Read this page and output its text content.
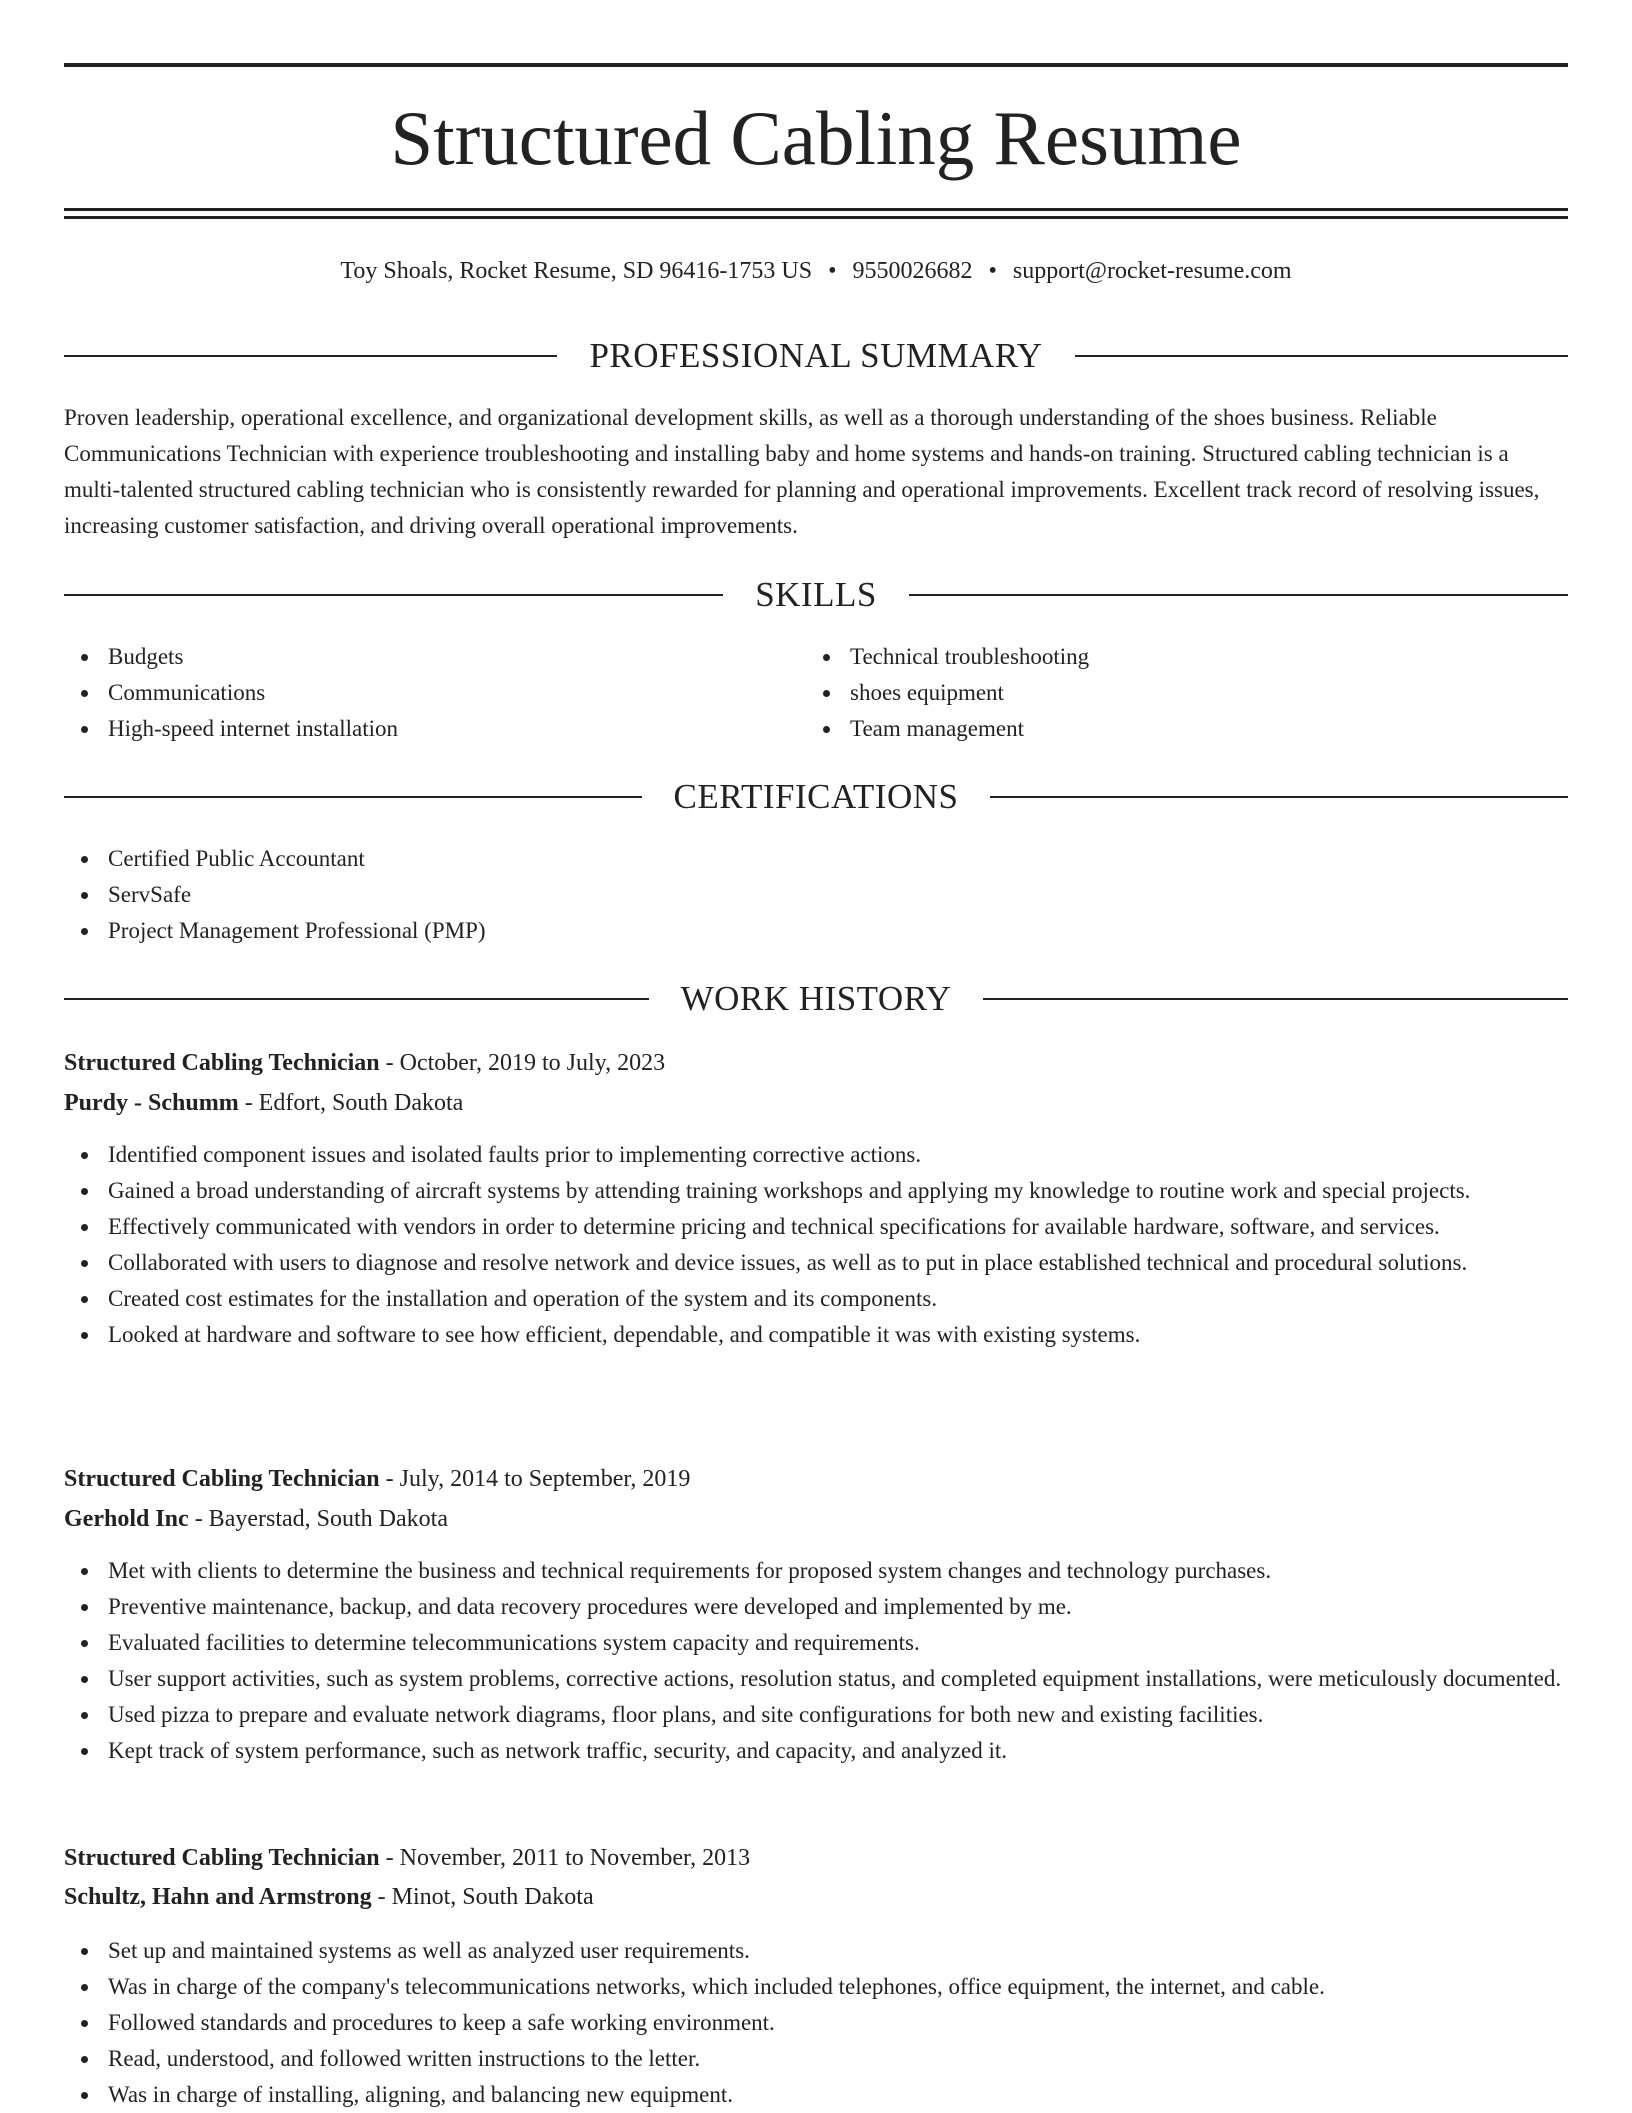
Structured Cabling Resume
Toy Shoals, Rocket Resume, SD 96416-1753 US • 9550026682 • support@rocket-resume.com
PROFESSIONAL SUMMARY

Proven leadership, operational excellence, and organizational development skills, as well as a thorough understanding of the shoes business. Reliable Communications Technician with experience troubleshooting and installing baby and home systems and hands-on training. Structured cabling technician is a multi-talented structured cabling technician who is consistently rewarded for planning and operational improvements. Excellent track record of resolving issues, increasing customer satisfaction, and driving overall operational improvements.

SKILLS
Budgets
Communications
High-speed internet installation
Technical troubleshooting
shoes equipment
Team management
CERTIFICATIONS
Certified Public Accountant
ServSafe
Project Management Professional (PMP)
WORK HISTORY
Structured Cabling Technician - October, 2019 to July, 2023
Purdy - Schumm - Edfort, South Dakota
Identified component issues and isolated faults prior to implementing corrective actions.
Gained a broad understanding of aircraft systems by attending training workshops and applying my knowledge to routine work and special projects.
Effectively communicated with vendors in order to determine pricing and technical specifications for available hardware, software, and services.
Collaborated with users to diagnose and resolve network and device issues, as well as to put in place established technical and procedural solutions.
Created cost estimates for the installation and operation of the system and its components.
Looked at hardware and software to see how efficient, dependable, and compatible it was with existing systems.
Structured Cabling Technician - July, 2014 to September, 2019
Gerhold Inc - Bayerstad, South Dakota
Met with clients to determine the business and technical requirements for proposed system changes and technology purchases.
Preventive maintenance, backup, and data recovery procedures were developed and implemented by me.
Evaluated facilities to determine telecommunications system capacity and requirements.
User support activities, such as system problems, corrective actions, resolution status, and completed equipment installations, were meticulously documented.
Used pizza to prepare and evaluate network diagrams, floor plans, and site configurations for both new and existing facilities.
Kept track of system performance, such as network traffic, security, and capacity, and analyzed it.
Structured Cabling Technician - November, 2011 to November, 2013
Schultz, Hahn and Armstrong - Minot, South Dakota
Set up and maintained systems as well as analyzed user requirements.
Was in charge of the company's telecommunications networks, which included telephones, office equipment, the internet, and cable.
Followed standards and procedures to keep a safe working environment.
Read, understood, and followed written instructions to the letter.
Was in charge of installing, aligning, and balancing new equipment.
